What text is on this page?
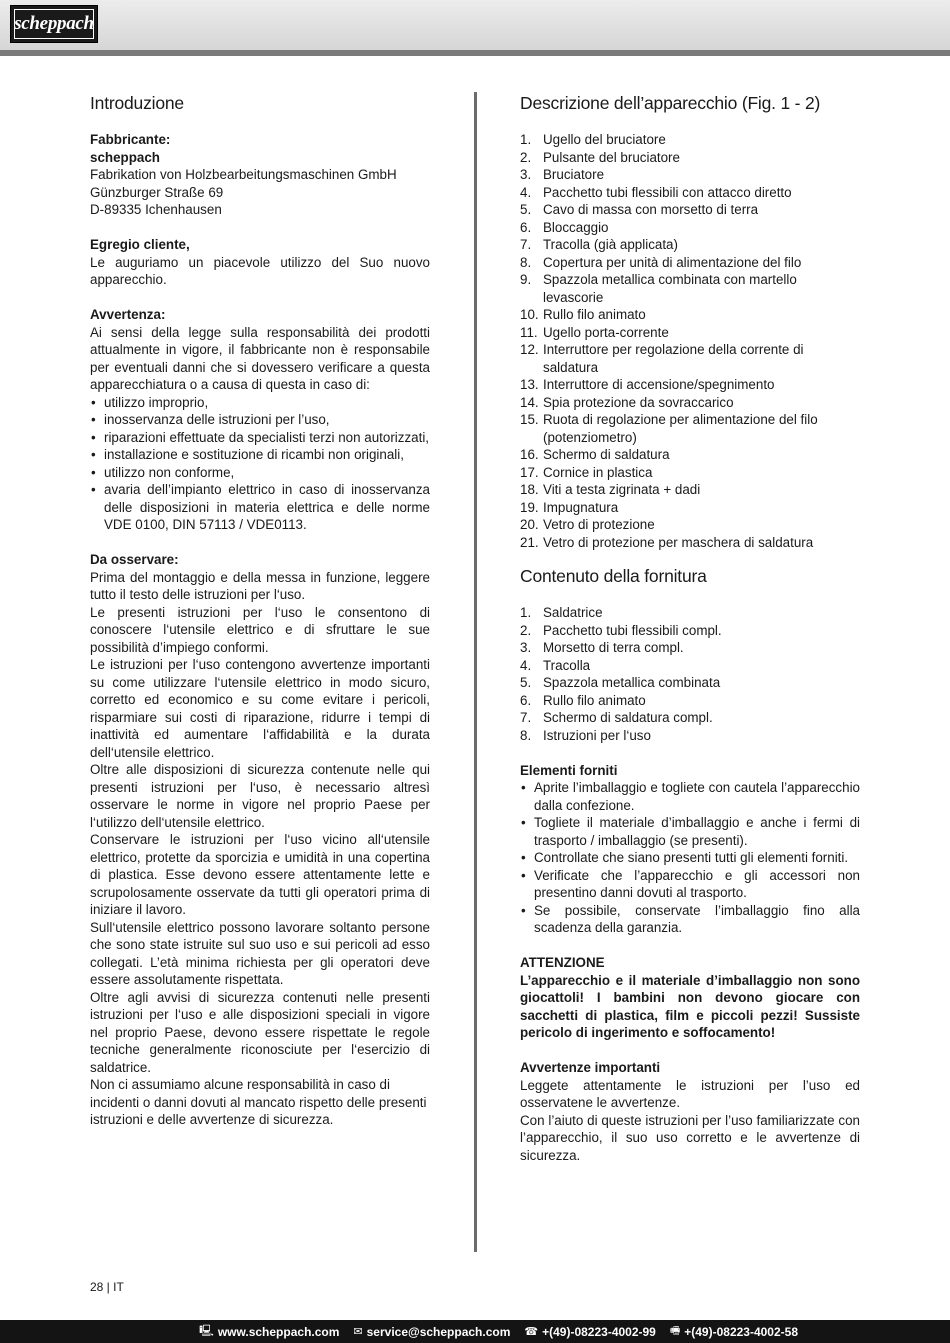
scheppach
Introduzione
Fabbricante:
scheppach
Fabrikation von Holzbearbeitungsmaschinen GmbH
Günzburger Straße 69
D-89335 Ichenhausen
Egregio cliente,

Le auguriamo un piacevole utilizzo del Suo nuovo apparecchio.

Avvertenza:

Ai sensi della legge sulla responsabilità dei prodotti attualmente in vigore, il fabbricante non è responsabile per eventuali danni che si dovessero verificare a questa apparecchiatura o a causa di questa in caso di:

• utilizzo improprio,
• inosservanza delle istruzioni per l’uso,
• riparazioni effettuate da specialisti terzi non autorizzati,
• installazione e sostituzione di ricambi non originali,
• utilizzo non conforme,
• avaria dell’impianto elettrico in caso di inosservanza delle disposizioni in materia elettrica e delle norme VDE 0100, DIN 57113 / VDE0113.
Da osservare:

Prima del montaggio e della messa in funzione, leggere tutto il testo delle istruzioni per l‘uso.

Le presenti istruzioni per l‘uso le consentono di conoscere l‘utensile elettrico e di sfruttare le sue possibilità d’impiego conformi.

Le istruzioni per l‘uso contengono avvertenze importanti su come utilizzare l‘utensile elettrico in modo sicuro, corretto ed economico e su come evitare i pericoli, risparmiare sui costi di riparazione, ridurre i tempi di inattività ed aumentare l‘affidabilità e la durata dell‘utensile elettrico.

Oltre alle disposizioni di sicurezza contenute nelle qui presenti istruzioni per l‘uso, è necessario altresì osservare le norme in vigore nel proprio Paese per l‘utilizzo dell‘utensile elettrico.

Conservare le istruzioni per l‘uso vicino all‘utensile elettrico, protette da sporcizia e umidità in una copertina di plastica. Esse devono essere attentamente lette e scrupolosamente osservate da tutti gli operatori prima di iniziare il lavoro.

Sull‘utensile elettrico possono lavorare soltanto persone che sono state istruite sul suo uso e sui pericoli ad esso collegati. L’età minima richiesta per gli operatori deve essere assolutamente rispettata.

Oltre agli avvisi di sicurezza contenuti nelle presenti istruzioni per l‘uso e alle disposizioni speciali in vigore nel proprio Paese, devono essere rispettate le regole tecniche generalmente riconosciute per l‘esercizio di saldatrice.

Non ci assumiamo alcune responsabilità in caso di incidenti o danni dovuti al mancato rispetto delle presenti istruzioni e delle avvertenze di sicurezza.

Descrizione dell’apparecchio (Fig. 1 - 2)
1. Ugello del bruciatore
2. Pulsante del bruciatore
3. Bruciatore
4. Pacchetto tubi flessibili con attacco diretto
5. Cavo di massa con morsetto di terra
6. Bloccaggio
7. Tracolla (già applicata)
8. Copertura per unità di alimentazione del filo
9. Spazzola metallica combinata con martello levascorie
10. Rullo filo animato
11. Ugello porta-corrente
12. Interruttore per regolazione della corrente di saldatura
13. Interruttore di accensione/spegnimento
14. Spia protezione da sovraccarico
15. Ruota di regolazione per alimentazione del filo (potenziometro)
16. Schermo di saldatura
17. Cornice in plastica
18. Viti a testa zigrinata + dadi
19. Impugnatura
20. Vetro di protezione
21. Vetro di protezione per maschera di saldatura
Contenuto della fornitura
1. Saldatrice
2. Pacchetto tubi flessibili compl.
3. Morsetto di terra compl.
4. Tracolla
5. Spazzola metallica combinata
6. Rullo filo animato
7. Schermo di saldatura compl.
8. Istruzioni per l‘uso
Elementi forniti
• Aprite l’imballaggio e togliete con cautela l’apparecchio dalla confezione.
• Togliete il materiale d’imballaggio e anche i fermi di trasporto / imballaggio (se presenti).
• Controllate che siano presenti tutti gli elementi forniti.
• Verificate che l’apparecchio e gli accessori non presentino danni dovuti al trasporto.
• Se possibile, conservate l’imballaggio fino alla scadenza della garanzia.
ATTENZIONE

L’apparecchio e il materiale d’imballaggio non sono giocattoli! I bambini non devono giocare con sacchetti di plastica, film e piccoli pezzi! Sussiste pericolo di ingerimento e soffocamento!

Avvertenze importanti

Leggete attentamente le istruzioni per l’uso ed osservatene le avvertenze.

Con l’aiuto di queste istruzioni per l’uso familiarizzate con l’apparecchio, il suo uso corretto e le avvertenze di sicurezza.

28 | IT
🖳 www.scheppach.com ✉ service@scheppach.com ☎ +(49)-08223-4002-99 🖷 +(49)-08223-4002-58
